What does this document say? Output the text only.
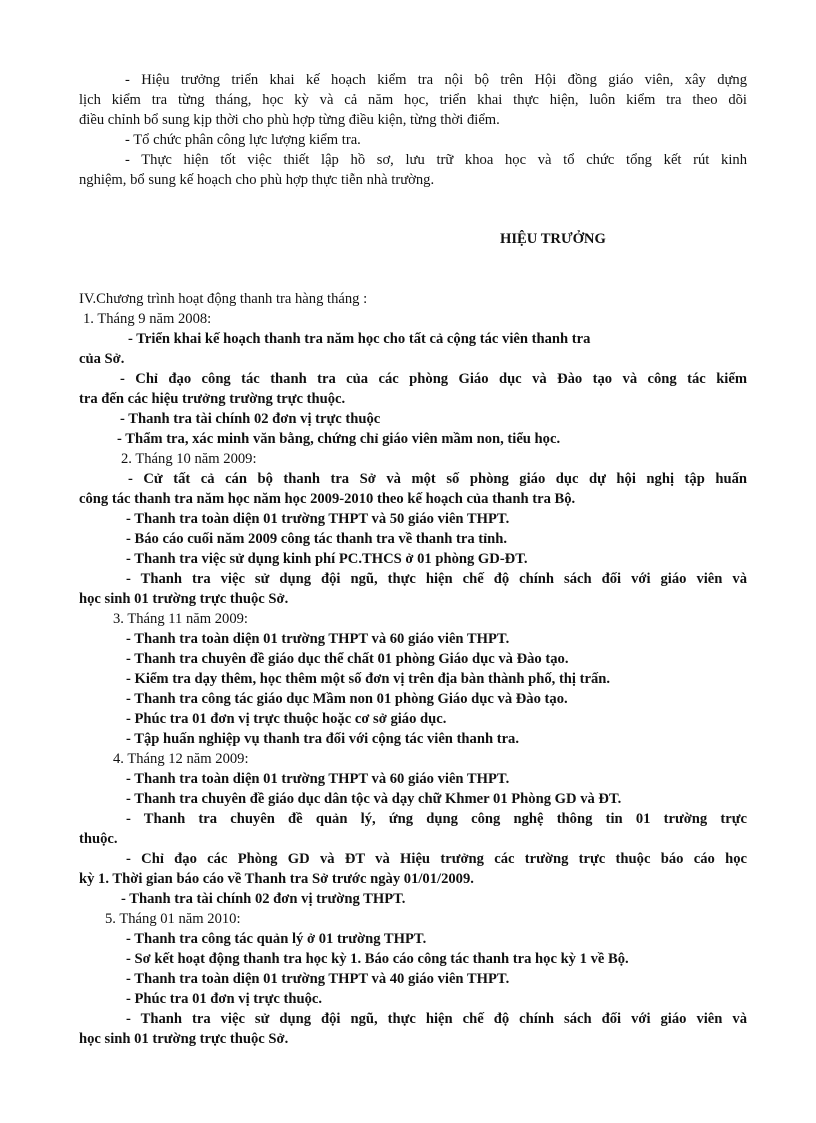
- Hiệu trưởng triển khai kế hoạch kiểm tra nội bộ trên Hội đồng giáo viên, xây dựng
lịch kiểm tra từng tháng, học kỳ và cả năm học, triển khai thực hiện, luôn kiểm tra theo dõi
điều chỉnh bổ sung kịp thời cho phù hợp từng điều kiện, từng thời điểm.
- Tổ chức phân công lực lượng kiểm tra.
- Thực hiện tốt việc thiết lập hồ sơ, lưu trữ khoa học và tổ chức tổng kết rút kinh
nghiệm, bổ sung kế hoạch cho phù hợp thực tiễn nhà trường.
HIỆU TRƯỞNG
IV.Chương trình hoạt động thanh tra hàng tháng :
1. Tháng 9 năm 2008:
- Triển khai kế hoạch thanh tra năm học cho tất cả cộng tác viên thanh tra
của Sở.
- Chỉ đạo công tác thanh tra của các phòng Giáo dục và Đào tạo và công tác kiểm
tra đến các hiệu trưởng trường trực thuộc.
- Thanh tra tài chính 02 đơn vị trực thuộc
- Thẩm tra, xác minh văn bằng, chứng chỉ giáo viên mầm non, tiểu học.
2. Tháng 10 năm 2009:
- Cử tất cả cán bộ thanh tra Sở và một số phòng giáo dục dự hội nghị tập huấn
công tác thanh tra năm học năm học 2009-2010 theo kế hoạch của thanh tra Bộ.
- Thanh tra toàn diện 01 trường THPT và 50 giáo viên THPT.
- Báo cáo cuối năm 2009 công tác thanh tra về thanh tra tỉnh.
- Thanh tra việc sử dụng kinh phí PC.THCS ở 01 phòng GD-ĐT.
- Thanh tra việc sử dụng đội ngũ, thực hiện chế độ chính sách đối với giáo viên và
học sinh 01 trường trực thuộc Sở.
3. Tháng 11 năm 2009:
- Thanh tra toàn diện 01 trường THPT và 60 giáo viên THPT.
- Thanh tra chuyên đề giáo dục thể chất 01 phòng Giáo dục và Đào tạo.
- Kiểm tra dạy thêm, học thêm một số đơn vị trên địa bàn thành phố, thị trấn.
- Thanh tra công tác giáo dục Mầm non 01 phòng Giáo dục và Đào tạo.
- Phúc tra 01 đơn vị trực thuộc hoặc cơ sở giáo dục.
- Tập huấn nghiệp vụ thanh tra đối với cộng tác viên thanh tra.
4. Tháng 12 năm 2009:
- Thanh tra toàn diện 01 trường THPT và 60 giáo viên THPT.
- Thanh tra chuyên đề giáo dục dân tộc và dạy chữ Khmer 01 Phòng GD và ĐT.
- Thanh tra chuyên đề quản lý, ứng dụng công nghệ thông tin 01 trường trực
thuộc.
- Chỉ đạo các Phòng GD và ĐT và Hiệu trưởng các trường trực thuộc báo cáo học
kỳ 1. Thời gian báo cáo về Thanh tra Sở trước ngày 01/01/2009.
- Thanh tra tài chính 02 đơn vị trường THPT.
5. Tháng 01 năm 2010:
- Thanh tra công tác quản lý ở 01 trường THPT.
- Sơ kết hoạt động thanh tra học kỳ 1. Báo cáo công tác thanh tra học kỳ 1 về Bộ.
- Thanh tra toàn diện 01 trường THPT và 40 giáo viên THPT.
- Phúc tra 01 đơn vị trực thuộc.
- Thanh tra việc sử dụng đội ngũ, thực hiện chế độ chính sách đối với giáo viên và
học sinh 01 trường trực thuộc Sở.
